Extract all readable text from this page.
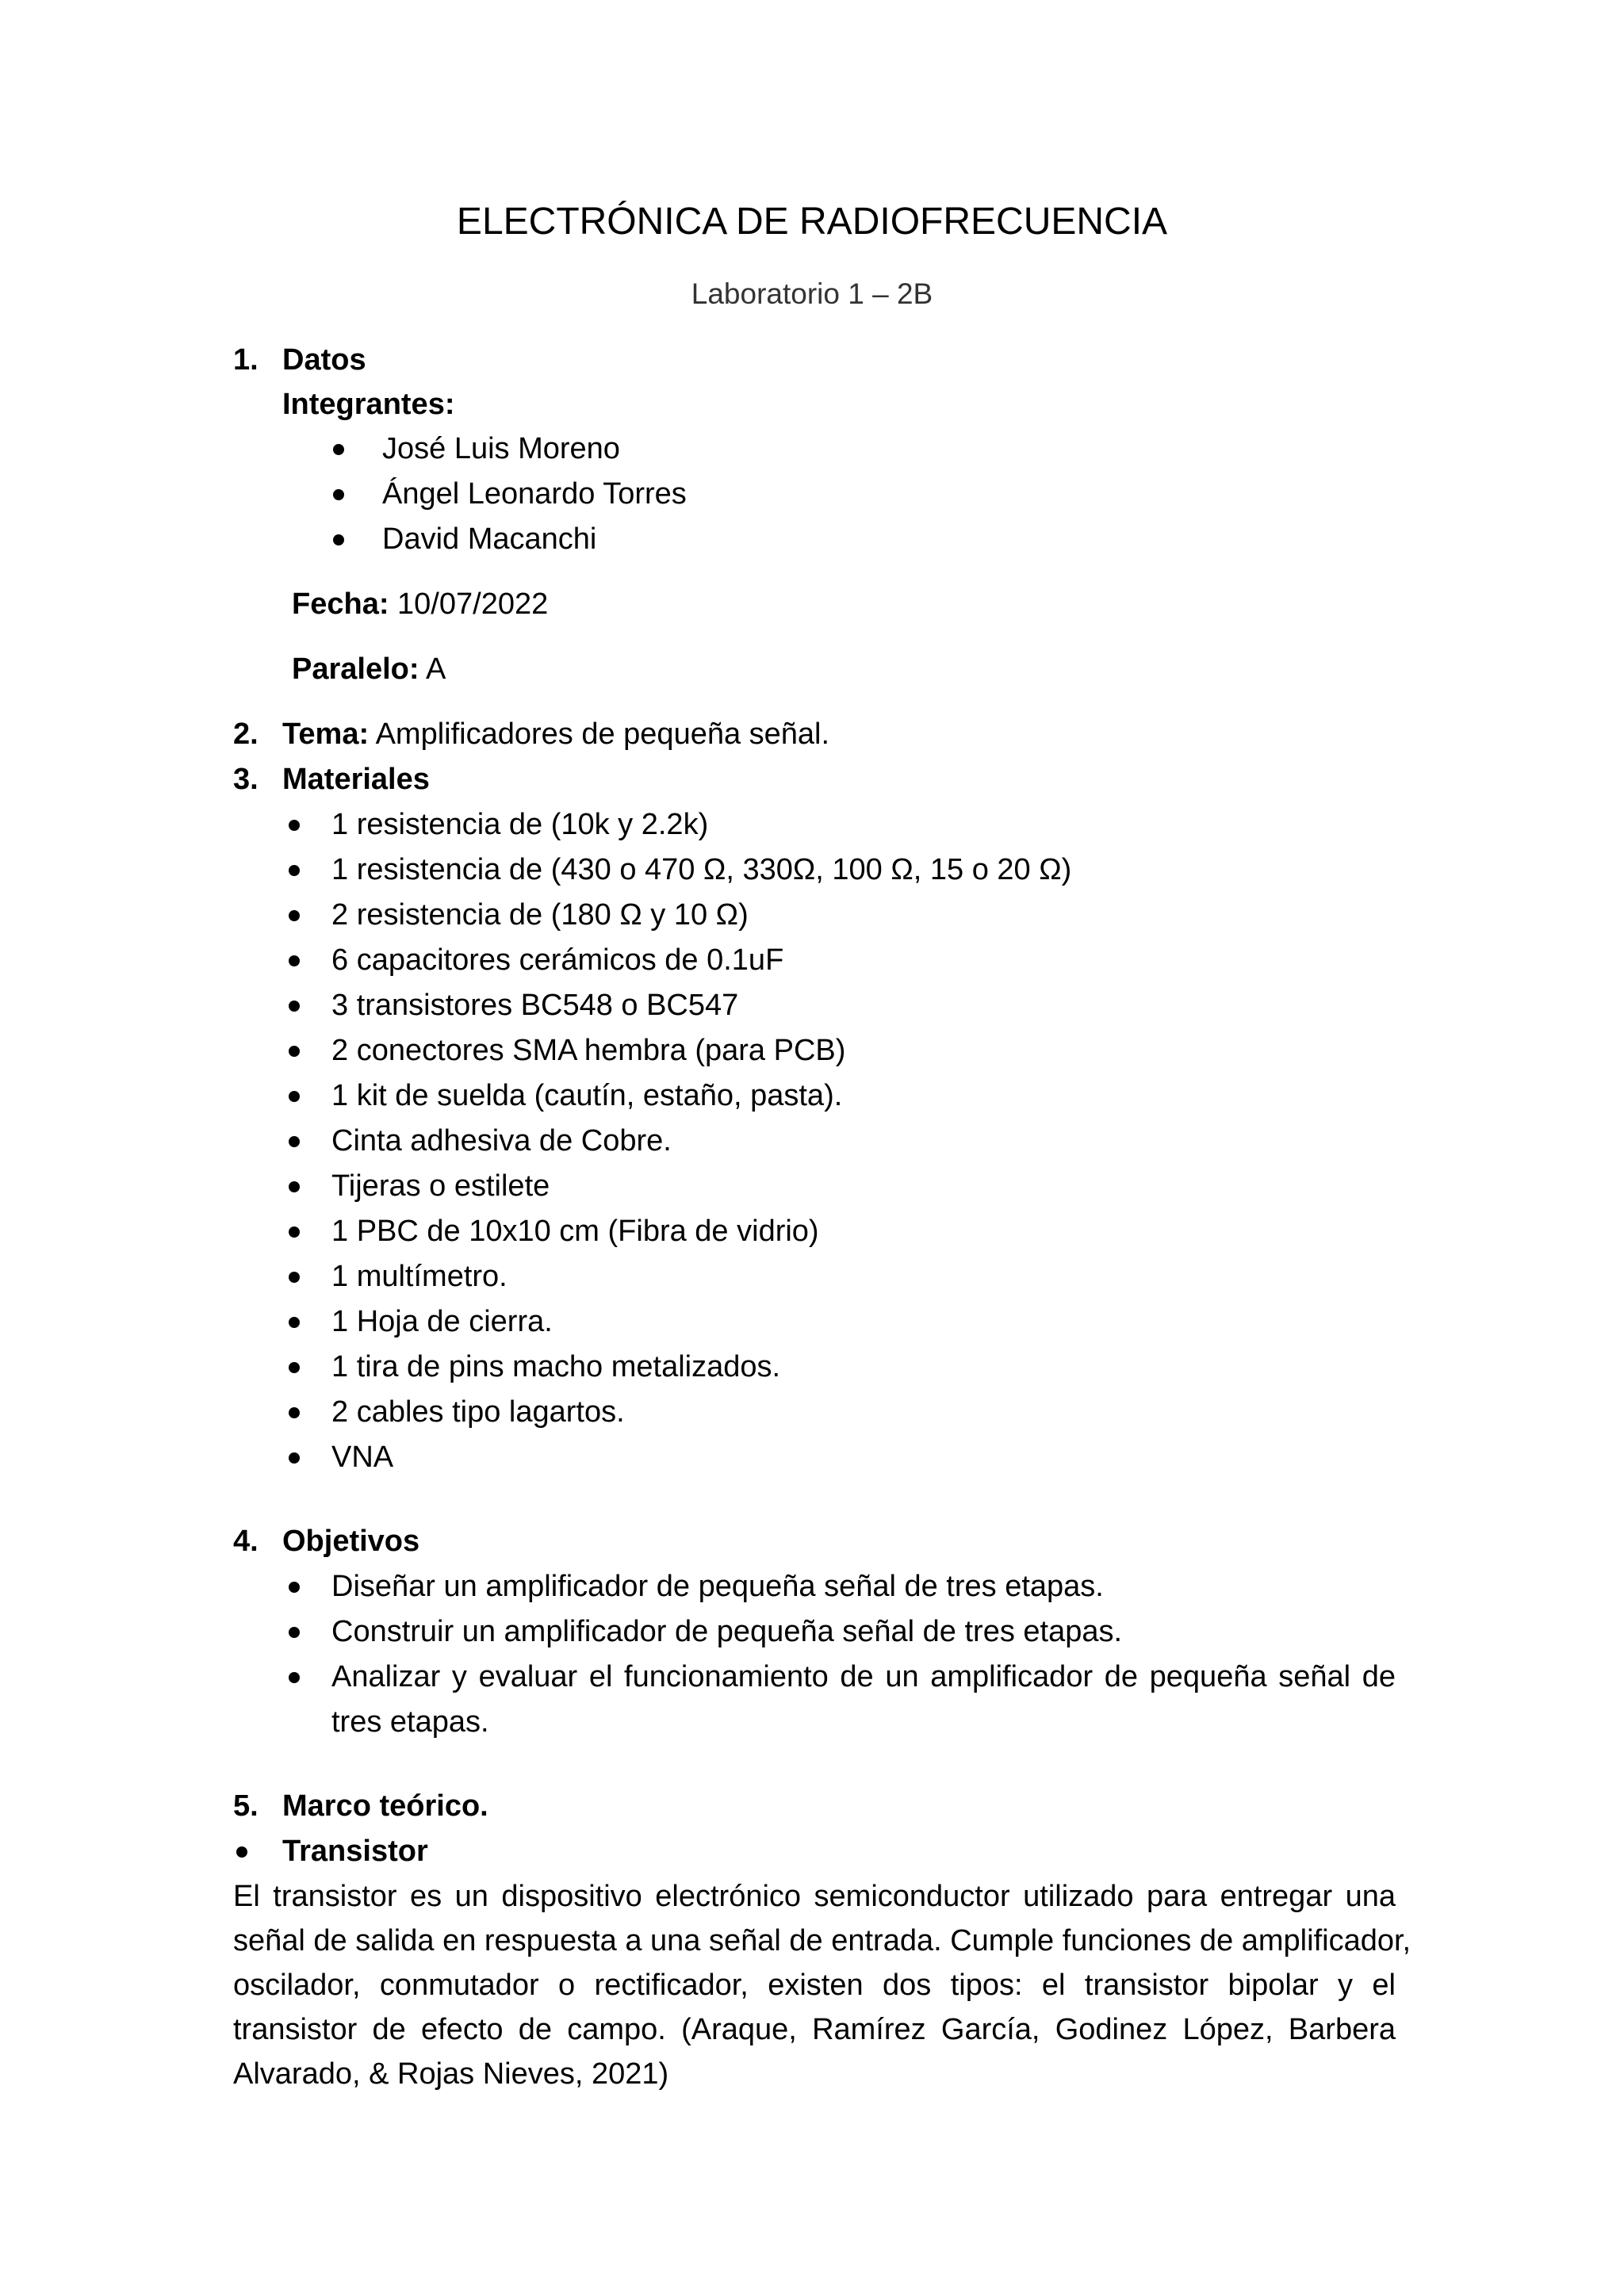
ELECTRÓNICA DE RADIOFRECUENCIA
Laboratorio 1 – 2B
1. Datos
Integrantes:
José Luis Moreno
Ángel Leonardo Torres
David Macanchi
Fecha: 10/07/2022
Paralelo: A
2. Tema: Amplificadores de pequeña señal.
3. Materiales
1 resistencia de (10k y 2.2k)
1 resistencia de (430 o 470 Ω, 330Ω, 100 Ω, 15 o 20 Ω)
2 resistencia de (180 Ω y 10 Ω)
6 capacitores cerámicos de 0.1uF
3 transistores BC548 o BC547
2 conectores SMA hembra (para PCB)
1 kit de suelda (cautín, estaño, pasta).
Cinta adhesiva de Cobre.
Tijeras o estilete
1 PBC de 10x10 cm (Fibra de vidrio)
1 multímetro.
1 Hoja de cierra.
1 tira de pins macho metalizados.
2 cables tipo lagartos.
VNA
4. Objetivos
Diseñar un amplificador de pequeña señal de tres etapas.
Construir un amplificador de pequeña señal de tres etapas.
Analizar y evaluar el funcionamiento de un amplificador de pequeña señal de
tres etapas.
5. Marco teórico.
Transistor
El transistor es un dispositivo electrónico semiconductor utilizado para entregar una
señal de salida en respuesta a una señal de entrada. Cumple funciones de amplificador,
oscilador, conmutador o rectificador, existen dos tipos: el transistor bipolar y el
transistor de efecto de campo. (Araque, Ramírez García, Godinez López, Barbera
Alvarado, & Rojas Nieves, 2021)
